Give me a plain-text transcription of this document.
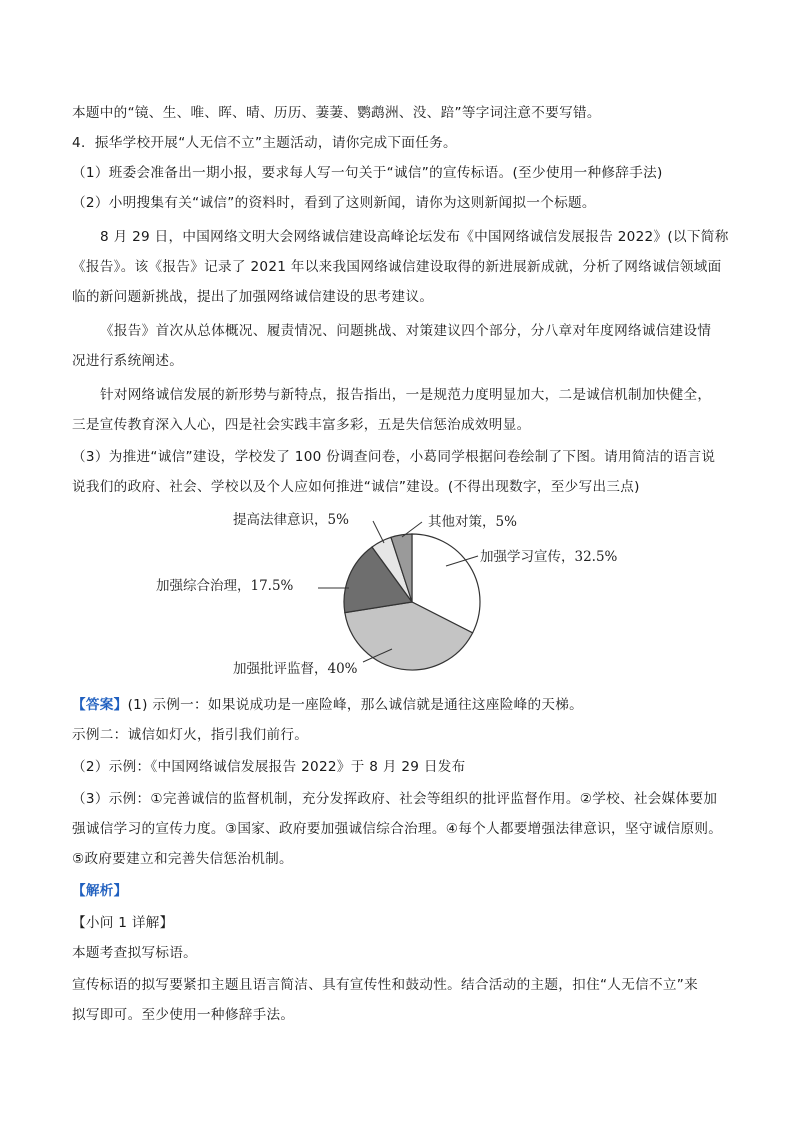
本题中的“镜、生、唯、晖、晴、历历、萋萋、鹦鹉洲、没、踣”等字词注意不要写错。
4．振华学校开展“人无信不立”主题活动，请你完成下面任务。
（1）班委会准备出一期小报，要求每人写一句关于“诚信”的宣传标语。(至少使用一种修辞手法)
（2）小明搜集有关“诚信”的资料时，看到了这则新闻，请你为这则新闻拟一个标题。
8 月 29 日，中国网络文明大会网络诚信建设高峰论坛发布《中国网络诚信发展报告 2022》(以下简称
《报告》。该《报告》记录了 2021 年以来我国网络诚信建设取得的新进展新成就，分析了网络诚信领域面
临的新问题新挑战，提出了加强网络诚信建设的思考建议。
《报告》首次从总体概况、履责情况、问题挑战、对策建议四个部分，分八章对年度网络诚信建设情
况进行系统阐述。
针对网络诚信发展的新形势与新特点，报告指出，一是规范力度明显加大，二是诚信机制加快健全，
三是宣传教育深入人心，四是社会实践丰富多彩，五是失信惩治成效明显。
（3）为推进“诚信”建设，学校发了 100 份调查问卷，小葛同学根据问卷绘制了下图。请用简洁的语言说
说我们的政府、社会、学校以及个人应如何推进“诚信”建设。(不得出现数字，至少写出三点)
加强学习宣传，32.5%
加强批评监督，40%
加强综合治理，17.5%
提高法律意识，5%	其他对策，5%
【答案】(1) 示例一：如果说成功是一座险峰，那么诚信就是通往这座险峰的天梯。
示例二：诚信如灯火，指引我们前行。
（2）示例：《中国网络诚信发展报告 2022》于 8 月 29 日发布
（3）示例：①完善诚信的监督机制，充分发挥政府、社会等组织的批评监督作用。②学校、社会媒体要加
强诚信学习的宣传力度。③国家、政府要加强诚信综合治理。④每个人都要增强法律意识，坚守诚信原则。
⑤政府要建立和完善失信惩治机制。
【解析】
【小问 1 详解】
本题考查拟写标语。
宣传标语的拟写要紧扣主题且语言简洁、具有宣传性和鼓动性。结合活动的主题，扣住“人无信不立”来
拟写即可。至少使用一种修辞手法。
